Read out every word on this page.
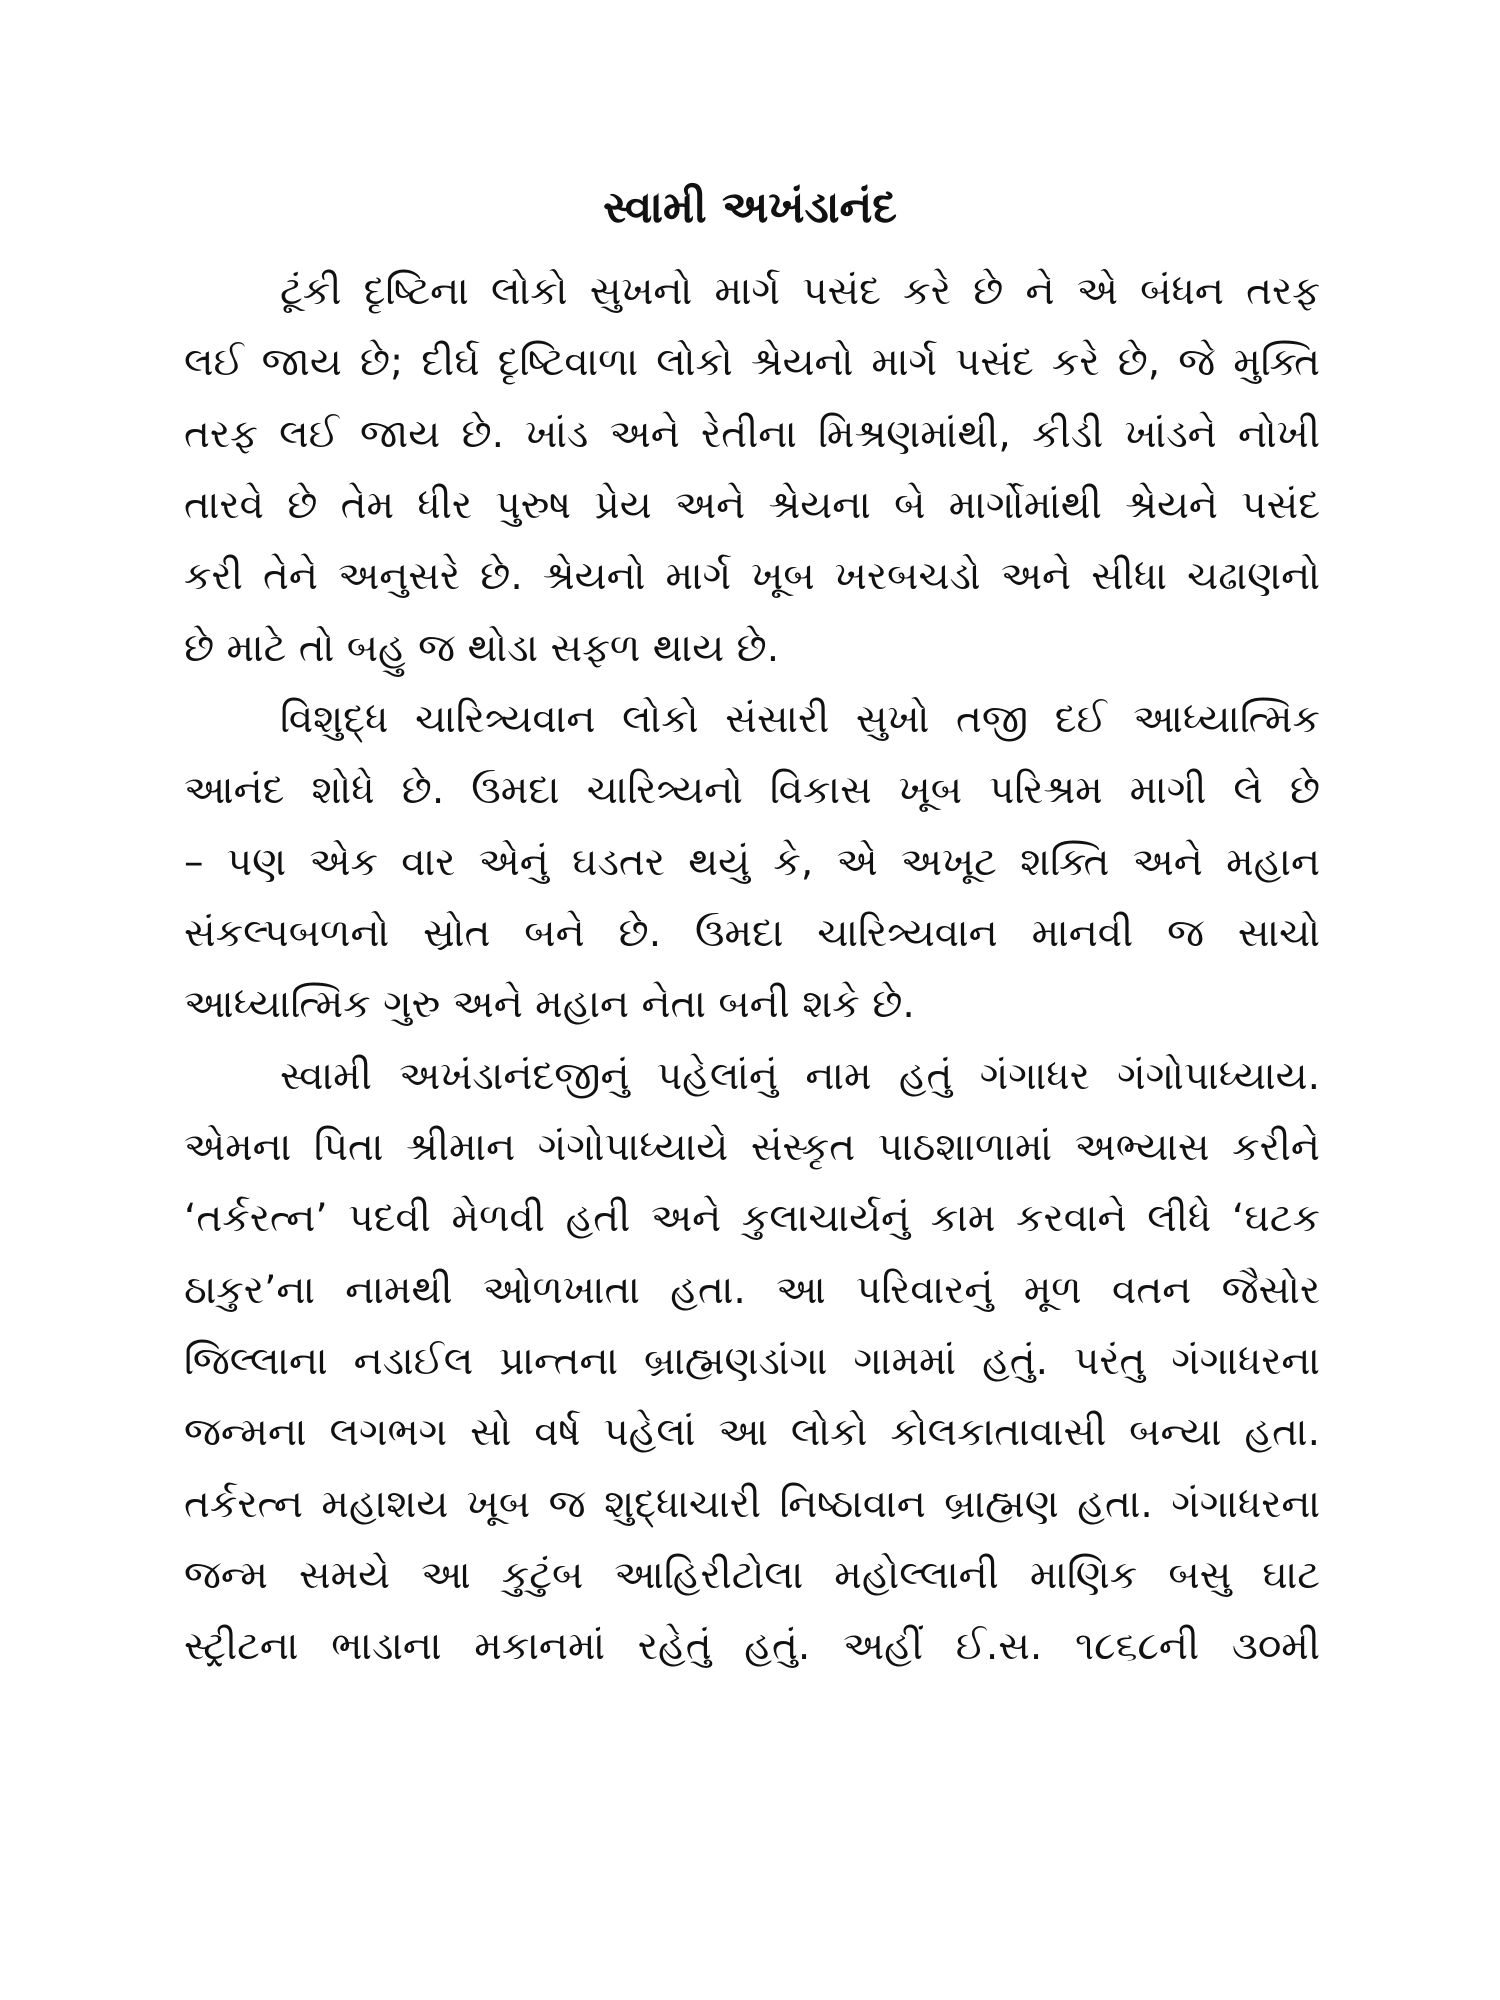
સ્વામી અખંડાનંદ
ટૂંકી દૃષ્ટિના લોકો સુખનો માર્ગ પસંદ કરે છે ને એ બંધન તરફ
લઈ જાય છે; દીર્ઘ દૃષ્ટિવાળા લોકો શ્રેયનો માર્ગ પસંદ કરે છે, જે મુક્તિ
તરફ લઈ જાય છે. ખાંડ અને રેતીના મિશ્રણમાંથી, કીડી ખાંડને નોખી
તારવે છે તેમ ધીર પુરુષ પ્રેય અને શ્રેયના બે માર્ગોમાંથી શ્રેયને પસંદ
કરી તેને અનુસરે છે. શ્રેયનો માર્ગ ખૂબ ખરબચડો અને સીધા ચઢાણનો
છે માટે તો બહુ જ થોડા સફળ થાય છે.
વિશુદ્ધ ચારિત્ર્યવાન લોકો સંસારી સુખો તજી દઈ આધ્યાત્મિક
આનંદ શોધે છે. ઉમદા ચારિત્ર્યનો વિકાસ ખૂબ પરિશ્રમ માગી લે છે
– પણ એક વાર એનું ઘડતર થયું કે, એ અખૂટ શક્તિ અને મહાન
સંકલ્પબળનો સ્રોત બને છે. ઉમદા ચારિત્ર્યવાન માનવી જ સાચો
આધ્યાત્મિક ગુરુ અને મહાન નેતા બની શકે છે.
સ્વામી અખંડાનંદજીનું પહેલાંનું નામ હતું ગંગાધર ગંગોપાધ્યાય.
એમના પિતા શ્રીમાન ગંગોપાધ્યાયે સંસ્કૃત પાઠશાળામાં અભ્યાસ કરીને
‘તર્કરત્ન’ પદવી મેળવી હતી અને કુલાચાર્યનું કામ કરવાને લીધે ‘ઘટક
ઠાકુર’ના નામથી ઓળખાતા હતા. આ પરિવારનું મૂળ વતન જૈસોર
જિલ્લાના નડાઈલ પ્રાન્તના બ્રાહ્મણડાંગા ગામમાં હતું. પરંતુ ગંગાધરના
જન્મના લગભગ સો વર્ષ પહેલાં આ લોકો કોલકાતાવાસી બન્યા હતા.
તર્કરત્ન મહાશય ખૂબ જ શુદ્ધાચારી નિષ્ઠાવાન બ્રાહ્મણ હતા. ગંગાધરના
જન્મ સમયે આ કુટુંબ આહિરીટોલા મહોલ્લાની માણિક બસુ ઘાટ
સ્ટ્રીટના ભાડાના મકાનમાં રહેતું હતું. અહીં ઈ.સ. ૧૮૬૮ની ૩૦મી
